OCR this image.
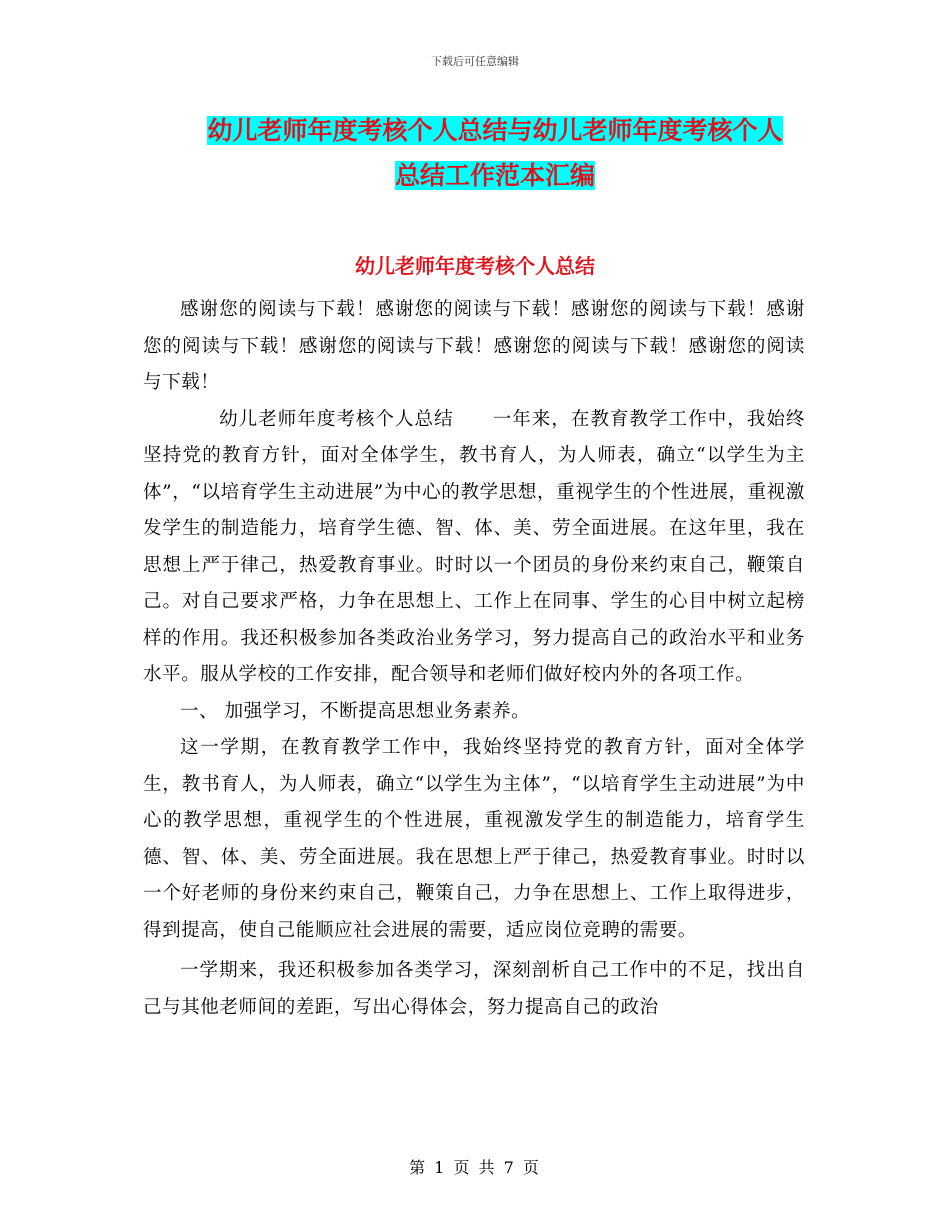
下载后可任意编辑
幼儿老师年度考核个人总结与幼儿老师年度考核个人
总结工作范本汇编
幼儿老师年度考核个人总结

感谢您的阅读与下载！感谢您的阅读与下载！感谢您的阅读与下载！感谢您的阅读与下载！感谢您的阅读与下载！感谢您的阅读与下载！感谢您的阅读与下载！

　　幼儿老师年度考核个人总结　　一年来，在教育教学工作中，我始终坚持党的教育方针，面对全体学生，教书育人，为人师表，确立“以学生为主体”，“以培育学生主动进展”为中心的教学思想，重视学生的个性进展，重视激发学生的制造能力，培育学生德、智、体、美、劳全面进展。在这年里，我在思想上严于律己，热爱教育事业。时时以一个团员的身份来约束自己，鞭策自己。对自己要求严格，力争在思想上、工作上在同事、学生的心目中树立起榜样的作用。我还积极参加各类政治业务学习，努力提高自己的政治水平和业务水平。服从学校的工作安排，配合领导和老师们做好校内外的各项工作。

一、 加强学习，不断提高思想业务素养。

这一学期，在教育教学工作中，我始终坚持党的教育方针，面对全体学生，教书育人，为人师表，确立“以学生为主体”，“以培育学生主动进展”为中心的教学思想，重视学生的个性进展，重视激发学生的制造能力，培育学生德、智、体、美、劳全面进展。我在思想上严于律己，热爱教育事业。时时以一个好老师的身份来约束自己，鞭策自己，力争在思想上、工作上取得进步，得到提高，使自己能顺应社会进展的需要，适应岗位竞聘的需要。

一学期来，我还积极参加各类学习，深刻剖析自己工作中的不足，找出自己与其他老师间的差距，写出心得体会，努力提高自己的政治

第 1 页 共 7 页
